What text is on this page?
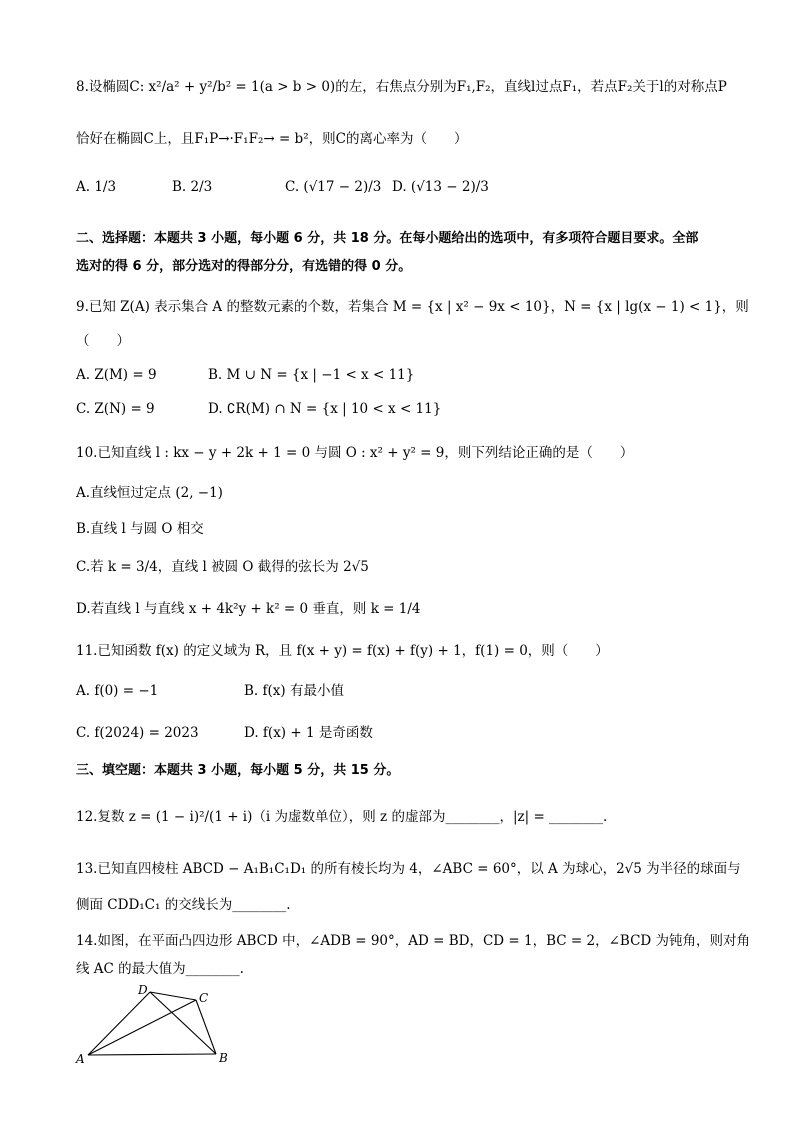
8.设椭圆C: x²/a² + y²/b² = 1(a > b > 0)的左，右焦点分别为F₁,F₂，直线l过点F₁，若点F₂关于l的对称点P
恰好在椭圆C上，且F₁P→·F₁F₂→ = b²，则C的离心率为（　　）
A. 1/3	B. 2/3	C. (√17 − 2)/3 D. (√13 − 2)/3
二、选择题：本题共 3 小题，每小题 6 分，共 18 分。在每小题给出的选项中，有多项符合题目要求。全部
选对的得 6 分，部分选对的得部分分，有选错的得 0 分。
9.已知 Z(A) 表示集合 A 的整数元素的个数，若集合 M = {x | x² − 9x < 10}，N = {x | lg(x − 1) < 1}，则
（　　）
A. Z(M) = 9	B. M ∪ N = {x | −1 < x < 11}
C. Z(N) = 9	D. ∁R(M) ∩ N = {x | 10 < x < 11}
10.已知直线 l : kx − y + 2k + 1 = 0 与圆 O : x² + y² = 9，则下列结论正确的是（　　）
A.直线恒过定点 (2, −1)
B.直线 l 与圆 O 相交
C.若 k = 3/4，直线 l 被圆 O 截得的弦长为 2√5
D.若直线 l 与直线 x + 4k²y + k² = 0 垂直，则 k = 1/4
11.已知函数 f(x) 的定义域为 R，且 f(x + y) = f(x) + f(y) + 1，f(1) = 0，则（　　）
A. f(0) = −1	B. f(x) 有最小值
C. f(2024) = 2023	D. f(x) + 1 是奇函数
三、填空题：本题共 3 小题，每小题 5 分，共 15 分。
12.复数 z = (1 − i)²/(1 + i)（i 为虚数单位），则 z 的虚部为________，|z| = ________.
13.已知直四棱柱 ABCD − A₁B₁C₁D₁ 的所有棱长均为 4，∠ABC = 60°，以 A 为球心，2√5 为半径的球面与
侧面 CDD₁C₁ 的交线长为________.
14.如图，在平面凸四边形 ABCD 中，∠ADB = 90°，AD = BD，CD = 1，BC = 2，∠BCD 为钝角，则对角
线 AC 的最大值为________.
A	B
C
D
